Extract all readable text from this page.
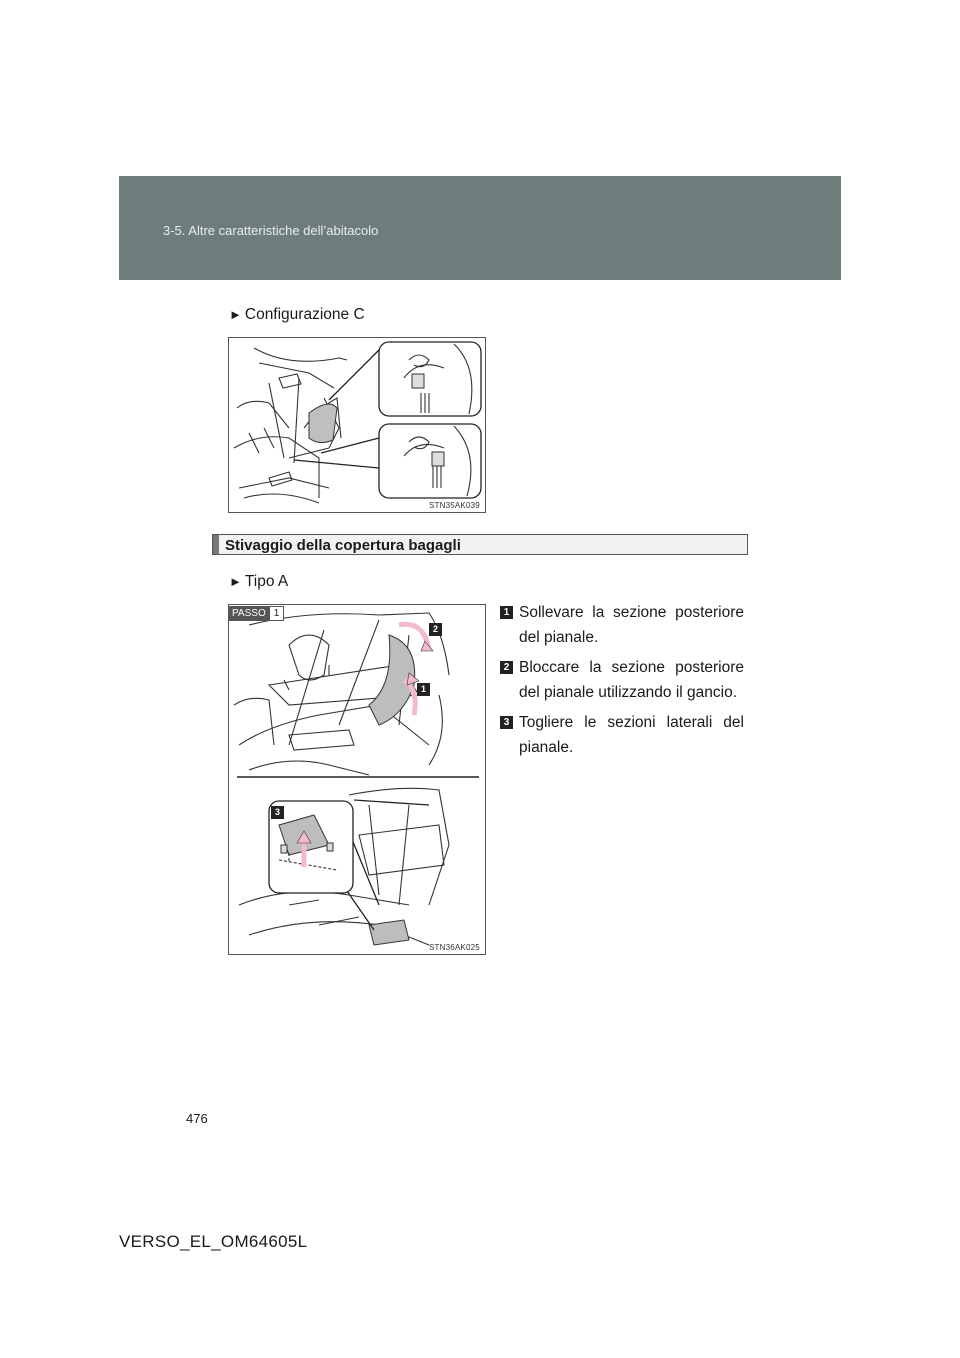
3-5. Altre caratteristiche dell’abitacolo
► Configurazione C
STN35AK039
Stivaggio della copertura bagagli
► Tipo A
STN36AK025
PASSO 1
2
1
3
1 Sollevare la sezione posteriore del pianale.
2 Bloccare la sezione posteriore del pianale utilizzando il gancio.
3 Togliere le sezioni laterali del pianale.
476
VERSO_EL_OM64605L
